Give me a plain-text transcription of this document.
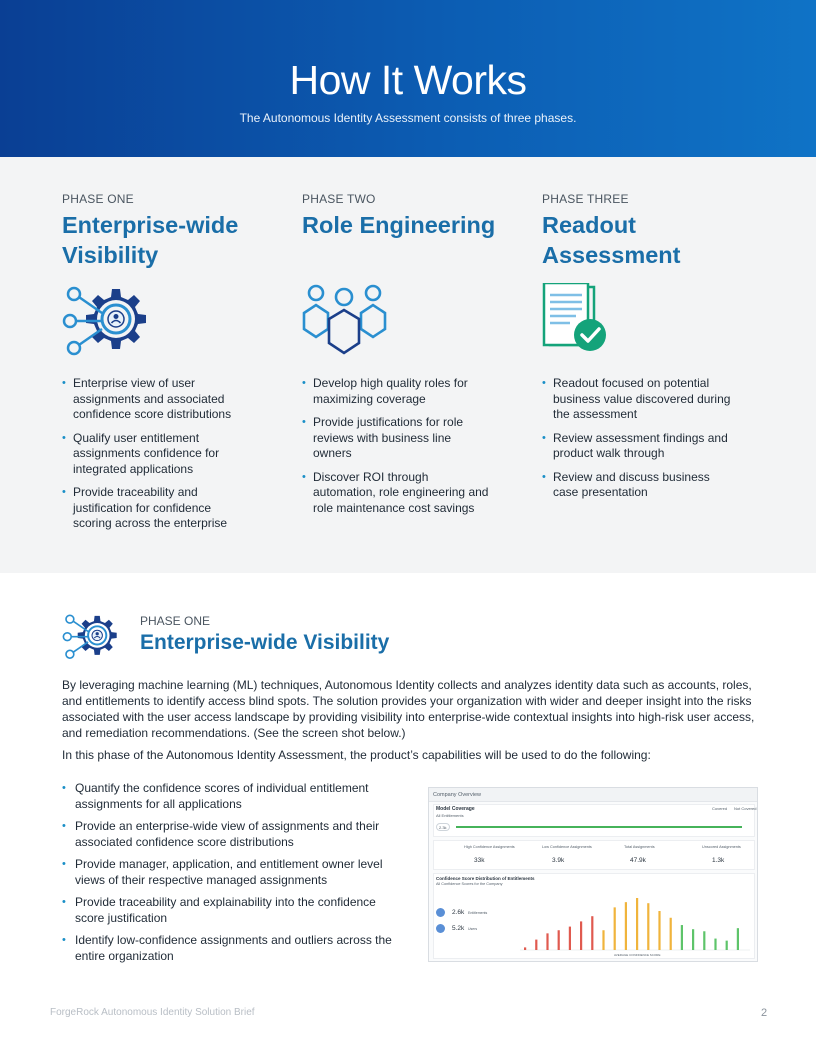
How It Works
The Autonomous Identity Assessment consists of three phases.
PHASE ONE
Enterprise-wide Visibility
• Enterprise view of user assignments and associated confidence score distributions
• Qualify user entitlement assignments confidence for integrated applications
• Provide traceability and justification for confidence scoring across the enterprise
PHASE TWO
Role Engineering
• Develop high quality roles for maximizing coverage
• Provide justifications for role reviews with business line owners
• Discover ROI through automation, role engineering and role maintenance cost savings
PHASE THREE
Readout Assessment
• Readout focused on potential business value discovered during the assessment
• Review assessment findings and product walk through
• Review and discuss business case presentation
PHASE ONE
Enterprise-wide Visibility

By leveraging machine learning (ML) techniques, Autonomous Identity collects and analyzes identity data such as accounts, roles, and entitlements to identify access blind spots. The solution provides your organization with wider and deeper insight into the risks associated with the user access landscape by providing visibility into enterprise-wide contextual insights into high-risk user access, and remediation recommendations. (See the screen shot below.)

In this phase of the Autonomous Identity Assessment, the product’s capabilities will be used to do the following:

• Quantify the confidence scores of individual entitlement assignments for all applications
• Provide an enterprise-wide view of assignments and their associated confidence score distributions
• Provide manager, application, and entitlement owner level views of their respective managed assignments
• Provide traceability and explainability into the confidence score justification
• Identify low-confidence assignments and outliers across the entire organization
Company Overview
Model Coverage
All Entitlements
Covered Not Covered
2.3k
High Confidence Assignments
33k
Low Confidence Assignments
3.9k
Total Assignments
47.9k
Unscored Assignments
1.3k
Confidence Score Distribution of Entitlements
All Confidence Scores for the Company
2.6k Entitlements
5.2k Users
AVERAGE CONFIDENCE SCORE
ForgeRock Autonomous Identity Solution Brief	2
